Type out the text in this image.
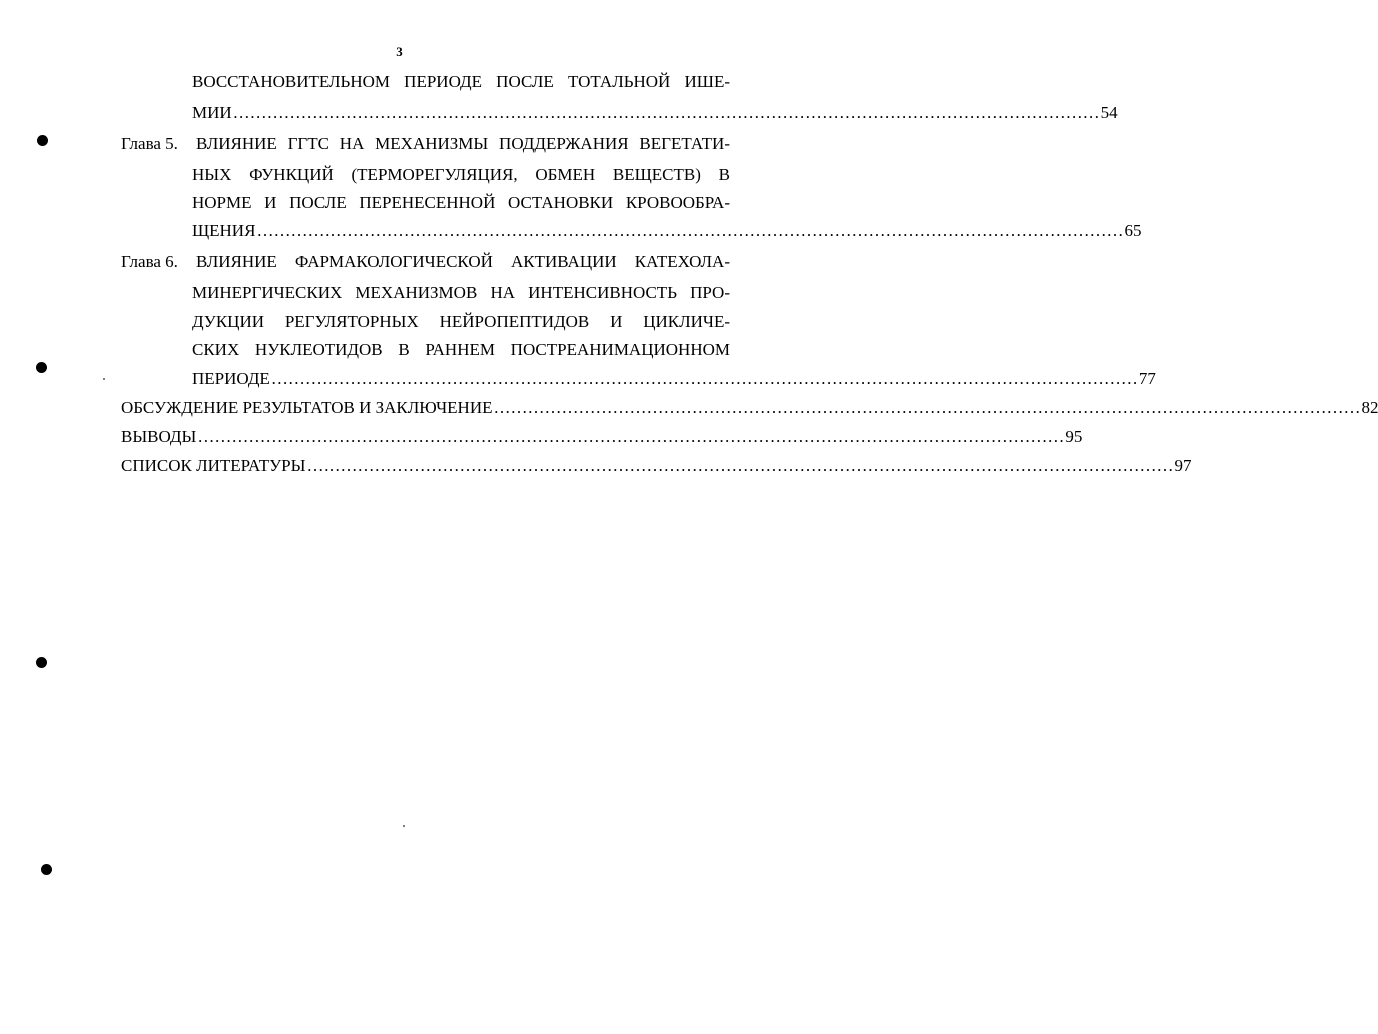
3
ВОССТАНОВИТЕЛЬНОМ ПЕРИОДЕ ПОСЛЕ ТОТАЛЬНОЙ ИШЕ-
МИИ ……………………………………………………………………………………………………………………………………… 54
Глава 5. ВЛИЯНИЕ ГГТС НА МЕХАНИЗМЫ ПОДДЕРЖАНИЯ ВЕГЕТАТИ-
НЫХ ФУНКЦИЙ (ТЕРМОРЕГУЛЯЦИЯ, ОБМЕН ВЕЩЕСТВ) В
НОРМЕ И ПОСЛЕ ПЕРЕНЕСЕННОЙ ОСТАНОВКИ КРОВООБРА-
ЩЕНИЯ ……………………………………………………………………………………………………………………………………… 65
Глава 6. ВЛИЯНИЕ ФАРМАКОЛОГИЧЕСКОЙ АКТИВАЦИИ КАТЕХОЛА-
МИНЕРГИЧЕСКИХ МЕХАНИЗМОВ НА ИНТЕНСИВНОСТЬ ПРО-
ДУКЦИИ РЕГУЛЯТОРНЫХ НЕЙРОПЕПТИДОВ И ЦИКЛИЧЕ-
СКИХ НУКЛЕОТИДОВ В РАННЕМ ПОСТРЕАНИМАЦИОННОМ
ПЕРИОДЕ ……………………………………………………………………………………………………………………………………… 77
ОБСУЖДЕНИЕ РЕЗУЛЬТАТОВ И ЗАКЛЮЧЕНИЕ ……………………………………………………………………………………………………………………………………… 82
ВЫВОДЫ ……………………………………………………………………………………………………………………………………… 95
СПИСОК ЛИТЕРАТУРЫ ……………………………………………………………………………………………………………………………………… 97
